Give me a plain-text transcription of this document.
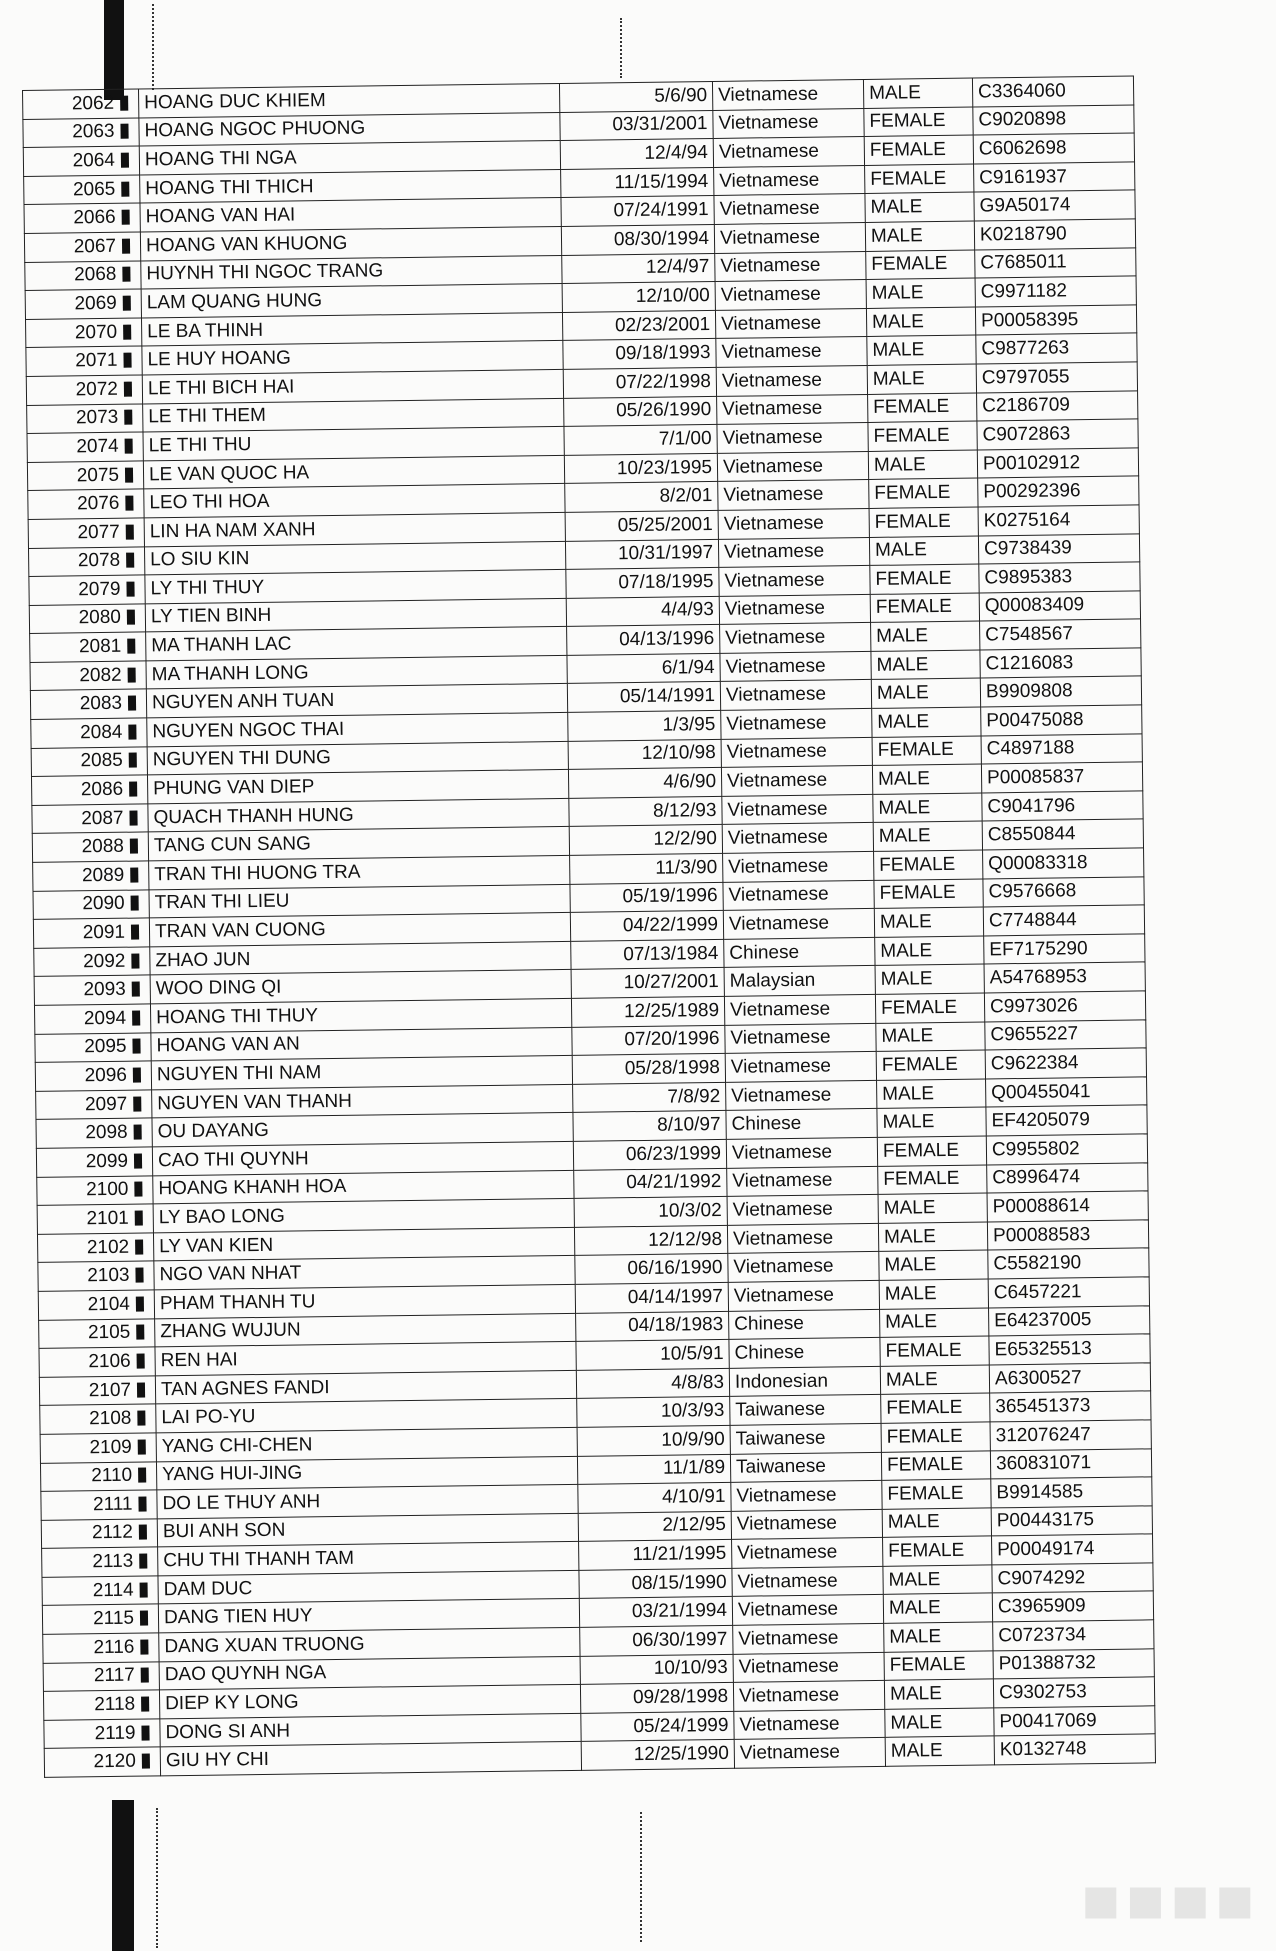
2062	HOANG DUC KHIEM	5/6/90	Vietnamese	MALE	C3364060
2063	HOANG NGOC PHUONG	03/31/2001	Vietnamese	FEMALE	C9020898
2064	HOANG THI NGA	12/4/94	Vietnamese	FEMALE	C6062698
2065	HOANG THI THICH	11/15/1994	Vietnamese	FEMALE	C9161937
2066	HOANG VAN HAI	07/24/1991	Vietnamese	MALE	G9A50174
2067	HOANG VAN KHUONG	08/30/1994	Vietnamese	MALE	K0218790
2068	HUYNH THI NGOC TRANG	12/4/97	Vietnamese	FEMALE	C7685011
2069	LAM QUANG HUNG	12/10/00	Vietnamese	MALE	C9971182
2070	LE BA THINH	02/23/2001	Vietnamese	MALE	P00058395
2071	LE HUY HOANG	09/18/1993	Vietnamese	MALE	C9877263
2072	LE THI BICH HAI	07/22/1998	Vietnamese	MALE	C9797055
2073	LE THI THEM	05/26/1990	Vietnamese	FEMALE	C2186709
2074	LE THI THU	7/1/00	Vietnamese	FEMALE	C9072863
2075	LE VAN QUOC HA	10/23/1995	Vietnamese	MALE	P00102912
2076	LEO THI HOA	8/2/01	Vietnamese	FEMALE	P00292396
2077	LIN HA NAM XANH	05/25/2001	Vietnamese	FEMALE	K0275164
2078	LO SIU KIN	10/31/1997	Vietnamese	MALE	C9738439
2079	LY THI THUY	07/18/1995	Vietnamese	FEMALE	C9895383
2080	LY TIEN BINH	4/4/93	Vietnamese	FEMALE	Q00083409
2081	MA THANH LAC	04/13/1996	Vietnamese	MALE	C7548567
2082	MA THANH LONG	6/1/94	Vietnamese	MALE	C1216083
2083	NGUYEN ANH TUAN	05/14/1991	Vietnamese	MALE	B9909808
2084	NGUYEN NGOC THAI	1/3/95	Vietnamese	MALE	P00475088
2085	NGUYEN THI DUNG	12/10/98	Vietnamese	FEMALE	C4897188
2086	PHUNG VAN DIEP	4/6/90	Vietnamese	MALE	P00085837
2087	QUACH THANH HUNG	8/12/93	Vietnamese	MALE	C9041796
2088	TANG CUN SANG	12/2/90	Vietnamese	MALE	C8550844
2089	TRAN THI HUONG TRA	11/3/90	Vietnamese	FEMALE	Q00083318
2090	TRAN THI LIEU	05/19/1996	Vietnamese	FEMALE	C9576668
2091	TRAN VAN CUONG	04/22/1999	Vietnamese	MALE	C7748844
2092	ZHAO JUN	07/13/1984	Chinese	MALE	EF7175290
2093	WOO DING QI	10/27/2001	Malaysian	MALE	A54768953
2094	HOANG THI THUY	12/25/1989	Vietnamese	FEMALE	C9973026
2095	HOANG VAN AN	07/20/1996	Vietnamese	MALE	C9655227
2096	NGUYEN THI NAM	05/28/1998	Vietnamese	FEMALE	C9622384
2097	NGUYEN VAN THANH	7/8/92	Vietnamese	MALE	Q00455041
2098	OU DAYANG	8/10/97	Chinese	MALE	EF4205079
2099	CAO THI QUYNH	06/23/1999	Vietnamese	FEMALE	C9955802
2100	HOANG KHANH HOA	04/21/1992	Vietnamese	FEMALE	C8996474
2101	LY BAO LONG	10/3/02	Vietnamese	MALE	P00088614
2102	LY VAN KIEN	12/12/98	Vietnamese	MALE	P00088583
2103	NGO VAN NHAT	06/16/1990	Vietnamese	MALE	C5582190
2104	PHAM THANH TU	04/14/1997	Vietnamese	MALE	C6457221
2105	ZHANG WUJUN	04/18/1983	Chinese	MALE	E64237005
2106	REN HAI	10/5/91	Chinese	FEMALE	E65325513
2107	TAN AGNES FANDI	4/8/83	Indonesian	MALE	A6300527
2108	LAI PO-YU	10/3/93	Taiwanese	FEMALE	365451373
2109	YANG CHI-CHEN	10/9/90	Taiwanese	FEMALE	312076247
2110	YANG HUI-JING	11/1/89	Taiwanese	FEMALE	360831071
2111	DO LE THUY ANH	4/10/91	Vietnamese	FEMALE	B9914585
2112	BUI ANH SON	2/12/95	Vietnamese	MALE	P00443175
2113	CHU THI THANH TAM	11/21/1995	Vietnamese	FEMALE	P00049174
2114	DAM DUC	08/15/1990	Vietnamese	MALE	C9074292
2115	DANG TIEN HUY	03/21/1994	Vietnamese	MALE	C3965909
2116	DANG XUAN TRUONG	06/30/1997	Vietnamese	MALE	C0723734
2117	DAO QUYNH NGA	10/10/93	Vietnamese	FEMALE	P01388732
2118	DIEP KY LONG	09/28/1998	Vietnamese	MALE	C9302753
2119	DONG SI ANH	05/24/1999	Vietnamese	MALE	P00417069
2120	GIU HY CHI	12/25/1990	Vietnamese	MALE	K0132748
■■■■
